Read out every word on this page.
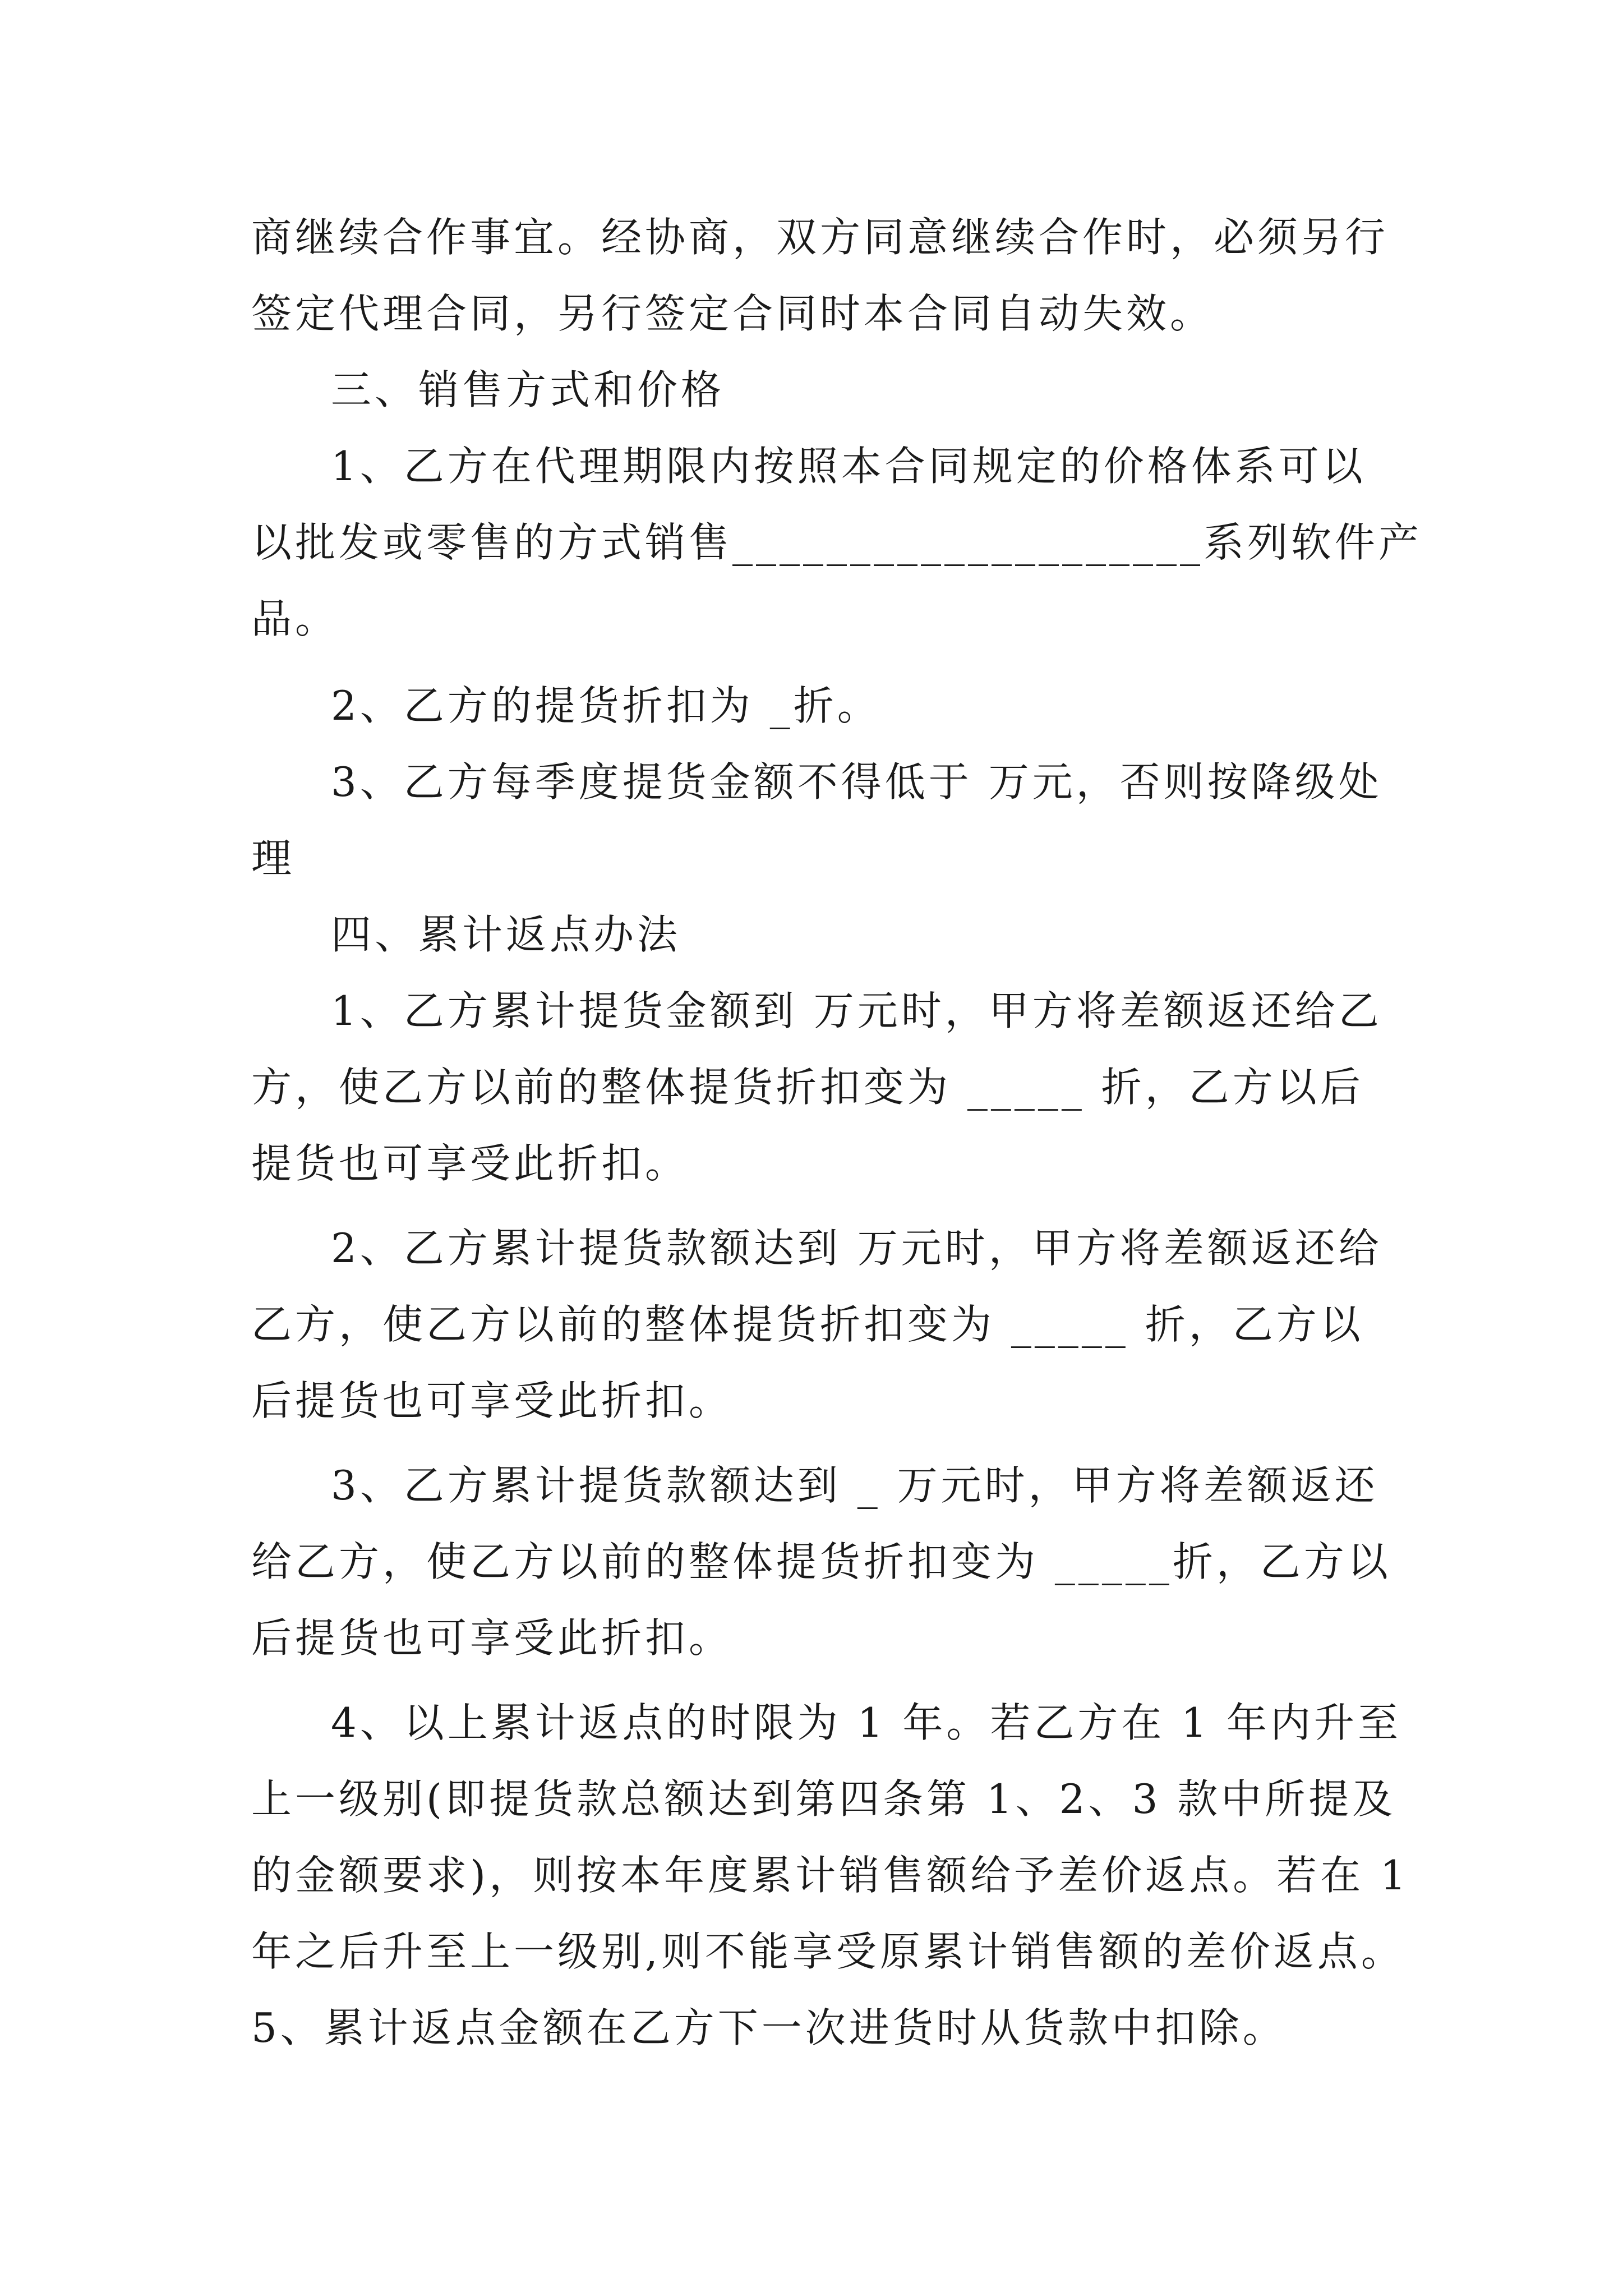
商继续合作事宜。经协商，双方同意继续合作时，必须另行
签定代理合同，另行签定合同时本合同自动失效。
三、销售方式和价格
1、乙方在代理期限内按照本合同规定的价格体系可以
以批发或零售的方式销售____________________系列软件产
品。
2、乙方的提货折扣为 _折。
3、乙方每季度提货金额不得低于 万元，否则按降级处
理
四、累计返点办法
1、乙方累计提货金额到 万元时，甲方将差额返还给乙
方，使乙方以前的整体提货折扣变为 _____ 折，乙方以后
提货也可享受此折扣。
2、乙方累计提货款额达到 万元时，甲方将差额返还给
乙方，使乙方以前的整体提货折扣变为 _____ 折，乙方以
后提货也可享受此折扣。
3、乙方累计提货款额达到 _ 万元时，甲方将差额返还
给乙方，使乙方以前的整体提货折扣变为 _____折，乙方以
后提货也可享受此折扣。
4、以上累计返点的时限为 1 年。若乙方在 1 年内升至
上一级别(即提货款总额达到第四条第 1、2、3 款中所提及
的金额要求)，则按本年度累计销售额给予差价返点。若在 1
年之后升至上一级别,则不能享受原累计销售额的差价返点。
5、累计返点金额在乙方下一次进货时从货款中扣除。
